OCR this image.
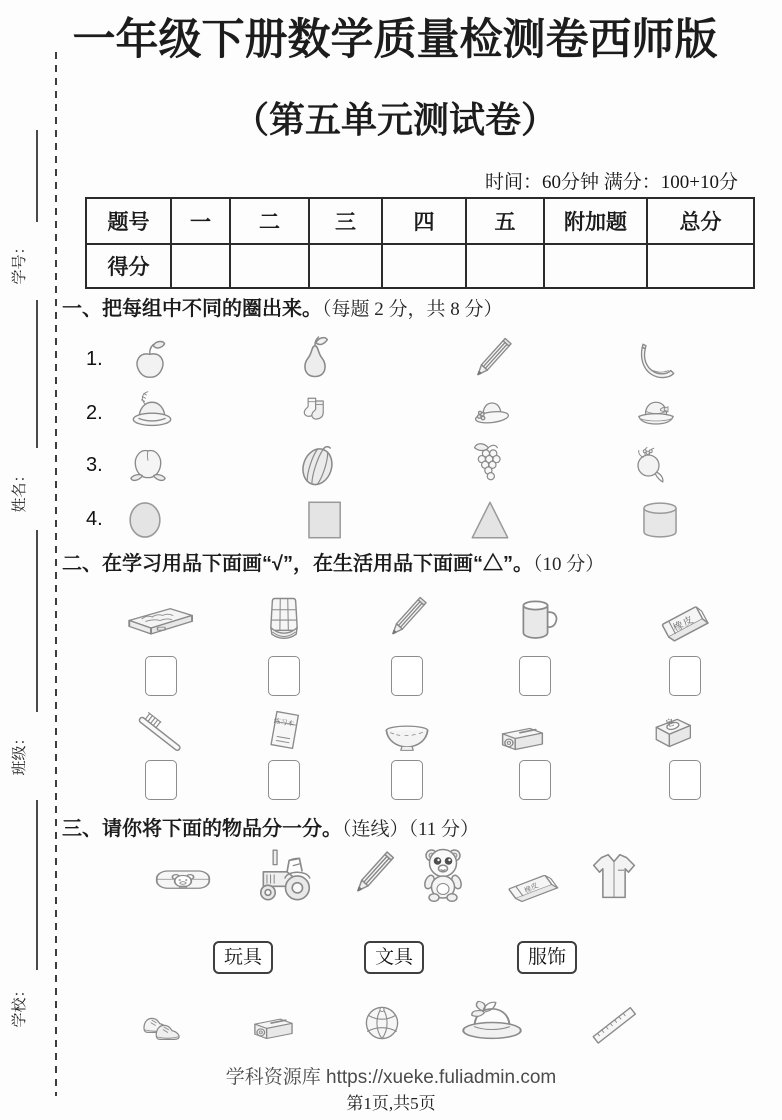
学号：
姓名：
班级：
学校：
一年级下册数学质量检测卷西师版
（第五单元测试卷）
时间：60分钟 满分：100+10分
题号	一	二	三	四	五	附加题	总分
得分							
一、把每组中不同的圈出来。（每题 2 分，共 8 分）
1.
2.
3.
4.
二、在学习用品下面画“√”，在生活用品下面画“△”。（10 分）
橡皮
练习本	皂
三、请你将下面的物品分一分。（连线）（11 分）
橡皮
玩具	文具	服饰
学科资源库 https://xueke.fuliadmin.com
第1页,共5页
